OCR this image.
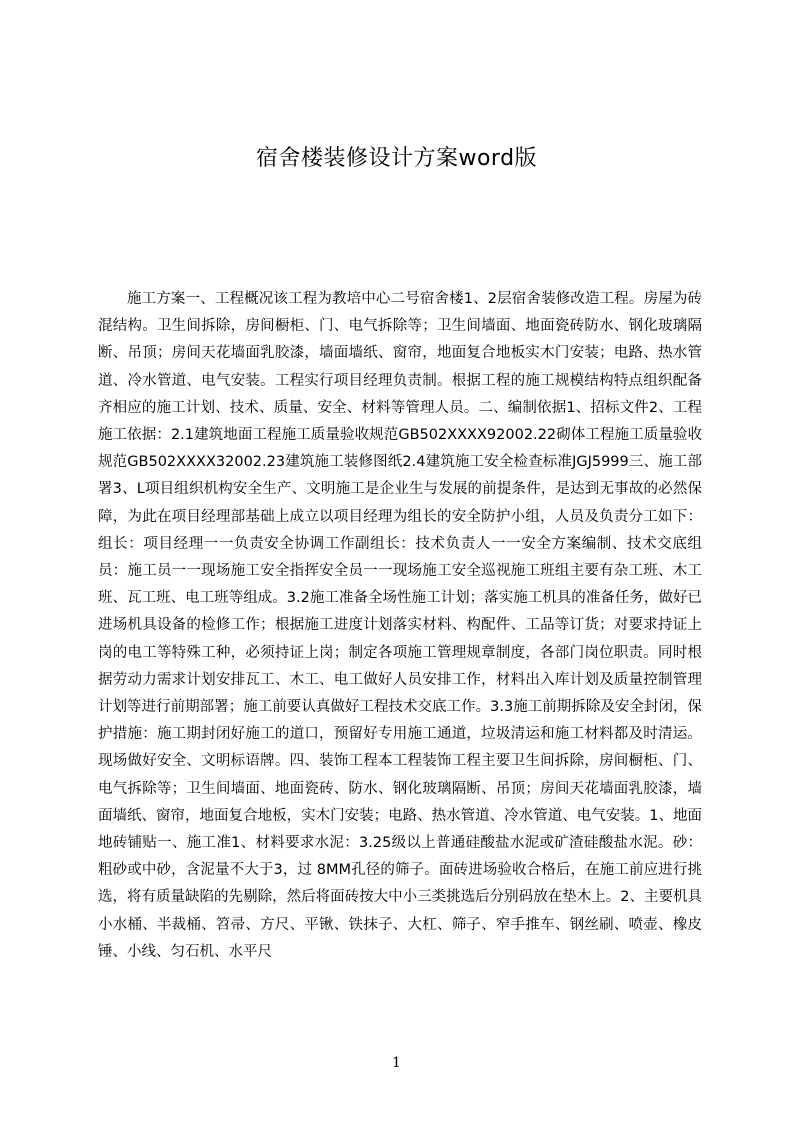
宿舍楼装修设计方案word版

施工方案一、工程概况该工程为教培中心二号宿舍楼1、2层宿舍装修改造工程。房屋为砖混结构。卫生间拆除，房间橱柜、门、电气拆除等；卫生间墙面、地面瓷砖防水、钢化玻璃隔断、吊顶；房间天花墙面乳胶漆，墙面墙纸、窗帘，地面复合地板实木门安装；电路、热水管道、冷水管道、电气安装。工程实行项目经理负责制。根据工程的施工规模结构特点组织配备齐相应的施工计划、技术、质量、安全、材料等管理人员。二、编制依据1、招标文件2、工程施工依据：2.1建筑地面工程施工质量验收规范GB502XXXX92002.22砌体工程施工质量验收规范GB502XXXX32002.23建筑施工装修图纸2.4建筑施工安全检查标准JGJ5999三、施工部署3、L项目组织机构安全生产、文明施工是企业生与发展的前提条件，是达到无事故的必然保障，为此在项目经理部基础上成立以项目经理为组长的安全防护小组，人员及负责分工如下：组长：项目经理一一负责安全协调工作副组长：技术负责人一一安全方案编制、技术交底组员：施工员一一现场施工安全指挥安全员一一现场施工安全巡视施工班组主要有杂工班、木工班、瓦工班、电工班等组成。3.2施工准备全场性施工计划；落实施工机具的准备任务，做好已进场机具设备的检修工作；根据施工进度计划落实材料、构配件、工品等订货；对要求持证上岗的电工等特殊工种，必须持证上岗；制定各项施工管理规章制度，各部门岗位职责。同时根据劳动力需求计划安排瓦工、木工、电工做好人员安排工作，材料出入库计划及质量控制管理计划等进行前期部署；施工前要认真做好工程技术交底工作。3.3施工前期拆除及安全封闭，保护措施：施工期封闭好施工的道口，预留好专用施工通道，垃圾清运和施工材料都及时清运。现场做好安全、文明标语牌。四、装饰工程本工程装饰工程主要卫生间拆除，房间橱柜、门、电气拆除等；卫生间墙面、地面瓷砖、防水、钢化玻璃隔断、吊顶；房间天花墙面乳胶漆，墙面墙纸、窗帘，地面复合地板，实木门安装；电路、热水管道、冷水管道、电气安装。1、地面地砖铺贴一、施工准1、材料要求水泥：3.25级以上普通硅酸盐水泥或矿渣硅酸盐水泥。砂：粗砂或中砂，含泥量不大于3，过 8MM孔径的筛子。面砖进场验收合格后，在施工前应进行挑选，将有质量缺陷的先剔除，然后将面砖按大中小三类挑选后分别码放在垫木上。2、主要机具小水桶、半裁桶、笤帚、方尺、平锹、铁抹子、大杠、筛子、窄手推车、钢丝刷、喷壶、橡皮锤、小线、匀石机、水平尺

1
